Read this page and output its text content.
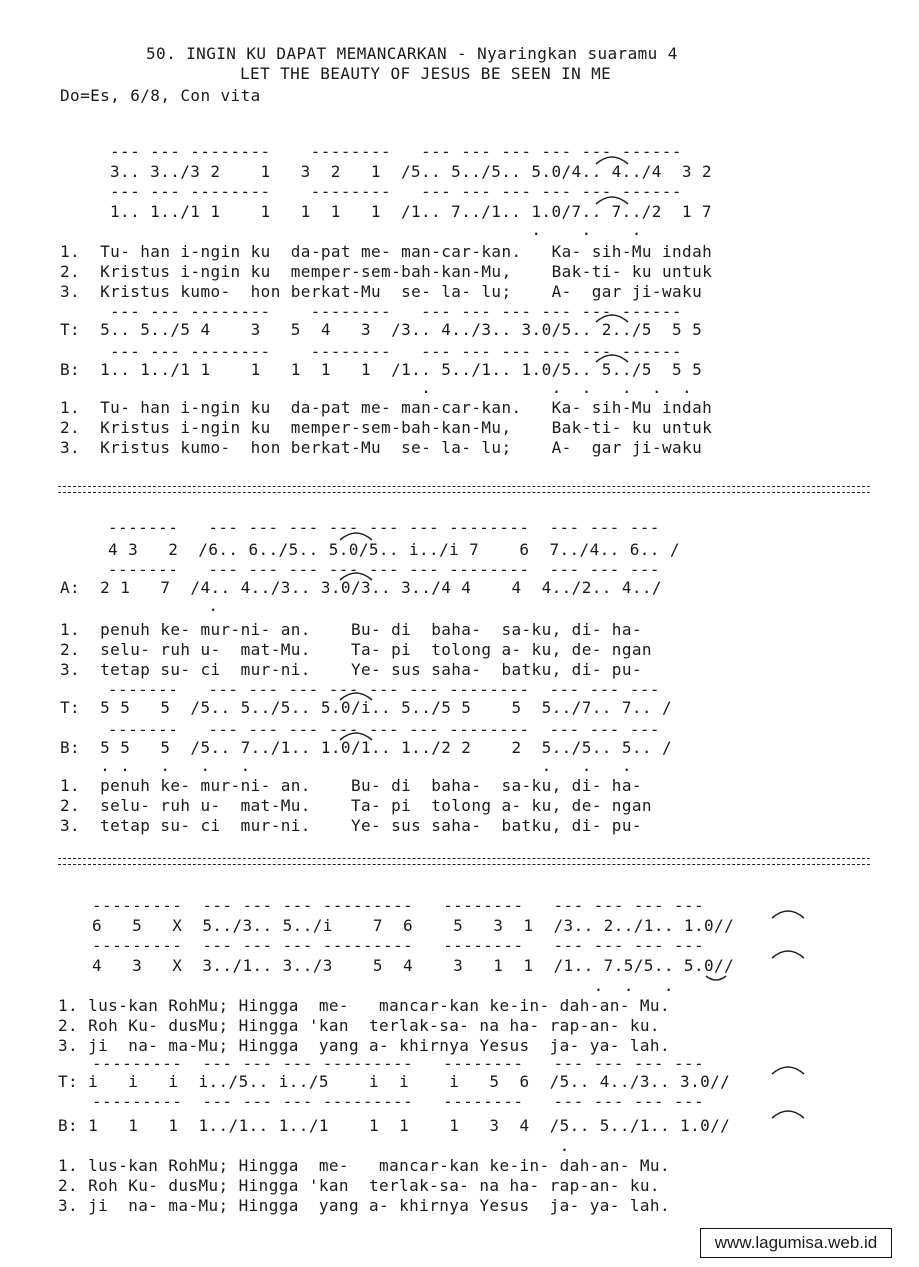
50. INGIN KU DAPAT MEMANCARKAN - Nyaringkan suaramu 4
LET THE BEAUTY OF JESUS BE SEEN IN ME
Do=Es, 6/8, Con vita
--- --- --------    --------   --- --- --- --- --- ------
3.. 3../3 2    1   3  2   1  /5.. 5../5.. 5.0/4.. 4../4  3 2
--- --- --------    --------   --- --- --- --- --- ------
1.. 1../1 1    1   1  1   1  /1.. 7../1.. 1.0/7.. 7../2  1 7
.    .    .
1.  Tu- han i-ngin ku  da-pat me- man-car-kan.   Ka- sih-Mu indah
2.  Kristus i-ngin ku  memper-sem-bah-kan-Mu,    Bak-ti- ku untuk
3.  Kristus kumo-  hon berkat-Mu  se- la- lu;    A-  gar ji-waku
--- --- --------    --------   --- --- --- --- --- ------
T:  5.. 5../5 4    3   5  4   3  /3.. 4../3.. 3.0/5.. 2../5  5 5
--- --- --------    --------   --- --- --- --- --- ------
B:  1.. 1../1 1    1   1  1   1  /1.. 5../1.. 1.0/5.. 5../5  5 5
.            .  .   .  .  .
1.  Tu- han i-ngin ku  da-pat me- man-car-kan.   Ka- sih-Mu indah
2.  Kristus i-ngin ku  memper-sem-bah-kan-Mu,    Bak-ti- ku untuk
3.  Kristus kumo-  hon berkat-Mu  se- la- lu;    A-  gar ji-waku
-------   --- --- --- --- --- --- --------  --- --- ---
4 3   2  /6.. 6../5.. 5.0/5.. i../i 7    6  7../4.. 6.. /
-------   --- --- --- --- --- --- --------  --- --- ---
A:  2 1   7  /4.. 4../3.. 3.0/3.. 3../4 4    4  4../2.. 4../
.
1.  penuh ke- mur-ni- an.    Bu- di  baha-  sa-ku, di- ha-
2.  selu- ruh u-  mat-Mu.    Ta- pi  tolong a- ku, de- ngan
3.  tetap su- ci  mur-ni.    Ye- sus saha-  batku, di- pu-
-------   --- --- --- --- --- --- --------  --- --- ---
T:  5 5   5  /5.. 5../5.. 5.0/i.. 5../5 5    5  5../7.. 7.. /
-------   --- --- --- --- --- --- --------  --- --- ---
B:  5 5   5  /5.. 7../1.. 1.0/1.. 1../2 2    2  5../5.. 5.. /
. .   .   .   .                             .   .   .
1.  penuh ke- mur-ni- an.    Bu- di  baha-  sa-ku, di- ha-
2.  selu- ruh u-  mat-Mu.    Ta- pi  tolong a- ku, de- ngan
3.  tetap su- ci  mur-ni.    Ye- sus saha-  batku, di- pu-
---------  --- --- --- ---------   --------   --- --- --- ---
6   5   X  5../3.. 5../i    7  6    5   3  1  /3.. 2../1.. 1.0//
---------  --- --- --- ---------   --------   --- --- --- ---
4   3   X  3../1.. 3../3    5  4    3   1  1  /1.. 7.5/5.. 5.0//
.  .   .
1. lus-kan RohMu; Hingga  me-   mancar-kan ke-in- dah-an- Mu.
2. Roh Ku- dusMu; Hingga 'kan  terlak-sa- na ha- rap-an- ku.
3. ji  na- ma-Mu; Hingga  yang a- khirnya Yesus  ja- ya- lah.
---------  --- --- --- ---------   --------   --- --- --- ---
T: i   i   i  i../5.. i../5    i  i    i   5  6  /5.. 4../3.. 3.0//
---------  --- --- --- ---------   --------   --- --- --- ---
B: 1   1   1  1../1.. 1../1    1  1    1   3  4  /5.. 5../1.. 1.0//
.
1. lus-kan RohMu; Hingga  me-   mancar-kan ke-in- dah-an- Mu.
2. Roh Ku- dusMu; Hingga 'kan  terlak-sa- na ha- rap-an- ku.
3. ji  na- ma-Mu; Hingga  yang a- khirnya Yesus  ja- ya- lah.
www.lagumisa.web.id
